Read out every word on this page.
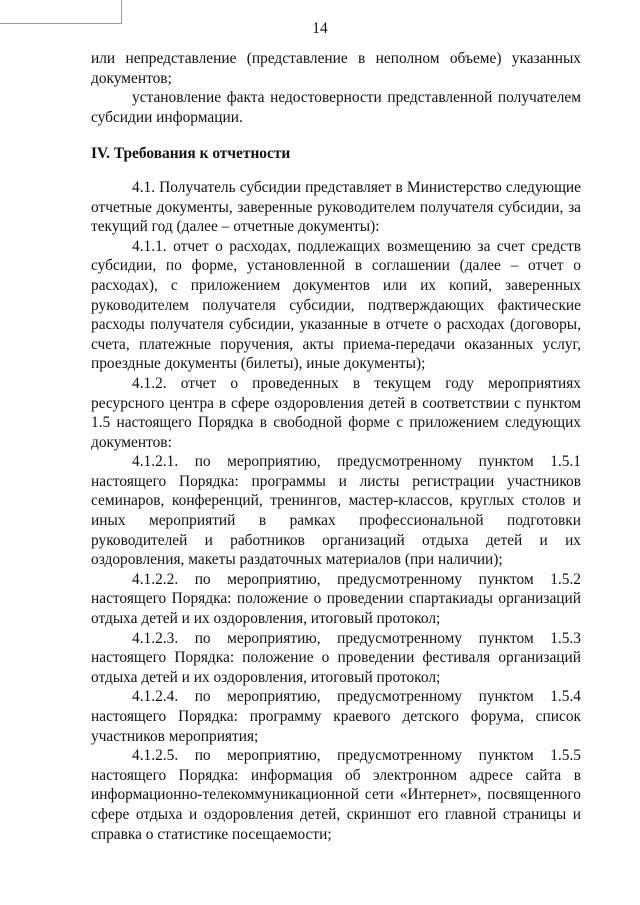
14

или непредставление (представление в неполном объеме) указанных документов;

установление факта недостоверности представленной получателем субсидии информации.

IV. Требования к отчетности

4.1. Получатель субсидии представляет в Министерство следующие отчетные документы, заверенные руководителем получателя субсидии, за текущий год (далее – отчетные документы):

4.1.1. отчет о расходах, подлежащих возмещению за счет средств субсидии, по форме, установленной в соглашении (далее – отчет о расходах), с приложением документов или их копий, заверенных руководителем получателя субсидии, подтверждающих фактические расходы получателя субсидии, указанные в отчете о расходах (договоры, счета, платежные поручения, акты приема-передачи оказанных услуг, проездные документы (билеты), иные документы);

4.1.2. отчет о проведенных в текущем году мероприятиях ресурсного центра в сфере оздоровления детей в соответствии с пунктом 1.5 настоящего Порядка в свободной форме с приложением следующих документов:

4.1.2.1. по мероприятию, предусмотренному пунктом 1.5.1 настоящего Порядка: программы и листы регистрации участников семинаров, конференций, тренингов, мастер-классов, круглых столов и иных мероприятий в рамках профессиональной подготовки руководителей и работников организаций отдыха детей и их оздоровления, макеты раздаточных материалов (при наличии);

4.1.2.2. по мероприятию, предусмотренному пунктом 1.5.2 настоящего Порядка: положение о проведении спартакиады организаций отдыха детей и их оздоровления, итоговый протокол;

4.1.2.3. по мероприятию, предусмотренному пунктом 1.5.3 настоящего Порядка: положение о проведении фестиваля организаций отдыха детей и их оздоровления, итоговый протокол;

4.1.2.4. по мероприятию, предусмотренному пунктом 1.5.4 настоящего Порядка: программу краевого детского форума, список участников мероприятия;

4.1.2.5. по мероприятию, предусмотренному пунктом 1.5.5 настоящего Порядка: информация об электронном адресе сайта в информационно-телекоммуникационной сети «Интернет», посвященного сфере отдыха и оздоровления детей, скриншот его главной страницы и справка о статистике посещаемости;
